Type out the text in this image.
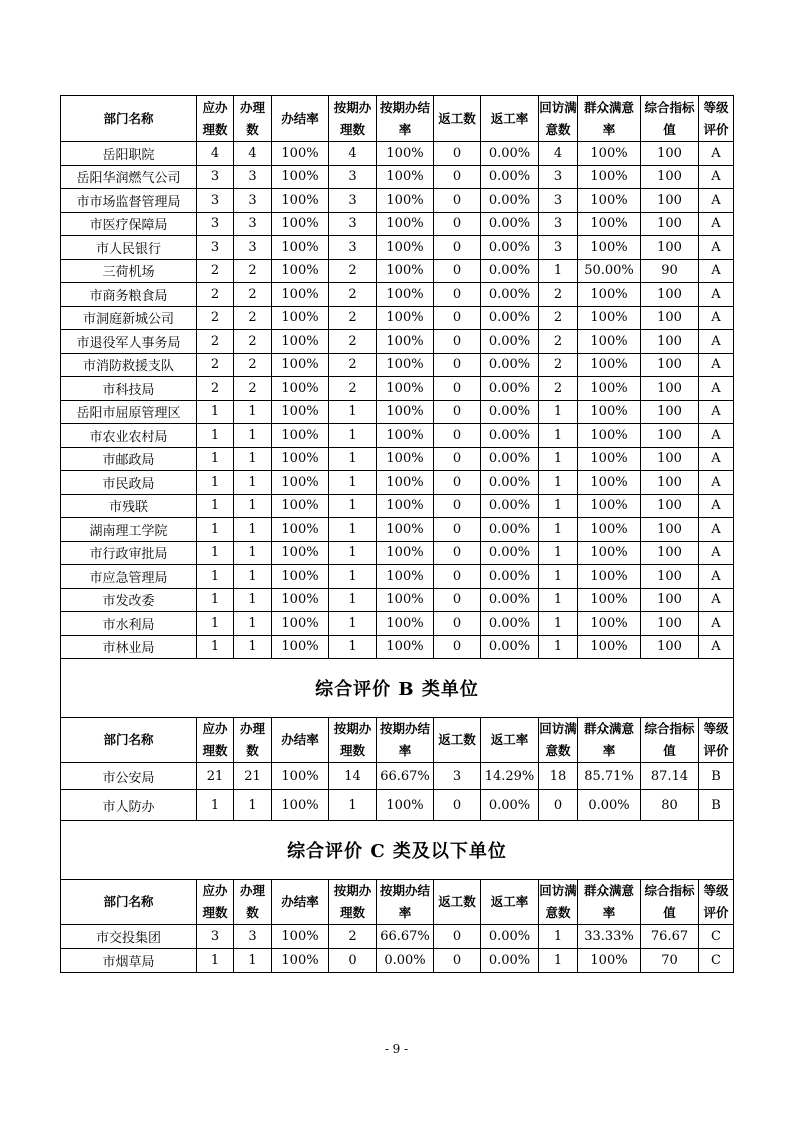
部门名称	应办理数	办理数	办结率	按期办理数	按期办结率	返工数	返工率	回访满意数	群众满意率	综合指标值	等级评价
岳阳职院	4	4	100%	4	100%	0	0.00%	4	100%	100	A
岳阳华润燃气公司	3	3	100%	3	100%	0	0.00%	3	100%	100	A
市市场监督管理局	3	3	100%	3	100%	0	0.00%	3	100%	100	A
市医疗保障局	3	3	100%	3	100%	0	0.00%	3	100%	100	A
市人民银行	3	3	100%	3	100%	0	0.00%	3	100%	100	A
三荷机场	2	2	100%	2	100%	0	0.00%	1	50.00%	90	A
市商务粮食局	2	2	100%	2	100%	0	0.00%	2	100%	100	A
市洞庭新城公司	2	2	100%	2	100%	0	0.00%	2	100%	100	A
市退役军人事务局	2	2	100%	2	100%	0	0.00%	2	100%	100	A
市消防救援支队	2	2	100%	2	100%	0	0.00%	2	100%	100	A
市科技局	2	2	100%	2	100%	0	0.00%	2	100%	100	A
岳阳市屈原管理区	1	1	100%	1	100%	0	0.00%	1	100%	100	A
市农业农村局	1	1	100%	1	100%	0	0.00%	1	100%	100	A
市邮政局	1	1	100%	1	100%	0	0.00%	1	100%	100	A
市民政局	1	1	100%	1	100%	0	0.00%	1	100%	100	A
市残联	1	1	100%	1	100%	0	0.00%	1	100%	100	A
湖南理工学院	1	1	100%	1	100%	0	0.00%	1	100%	100	A
市行政审批局	1	1	100%	1	100%	0	0.00%	1	100%	100	A
市应急管理局	1	1	100%	1	100%	0	0.00%	1	100%	100	A
市发改委	1	1	100%	1	100%	0	0.00%	1	100%	100	A
市水利局	1	1	100%	1	100%	0	0.00%	1	100%	100	A
市林业局	1	1	100%	1	100%	0	0.00%	1	100%	100	A
综合评价 B 类单位											
部门名称	应办理数	办理数	办结率	按期办理数	按期办结率	返工数	返工率	回访满意数	群众满意率	综合指标值	等级评价
市公安局	21	21	100%	14	66.67%	3	14.29%	18	85.71%	87.14	B
市人防办	1	1	100%	1	100%	0	0.00%	0	0.00%	80	B
综合评价 C 类及以下单位											
部门名称	应办理数	办理数	办结率	按期办理数	按期办结率	返工数	返工率	回访满意数	群众满意率	综合指标值	等级评价
市交投集团	3	3	100%	2	66.67%	0	0.00%	1	33.33%	76.67	C
市烟草局	1	1	100%	0	0.00%	0	0.00%	1	100%	70	C
- 9 -
